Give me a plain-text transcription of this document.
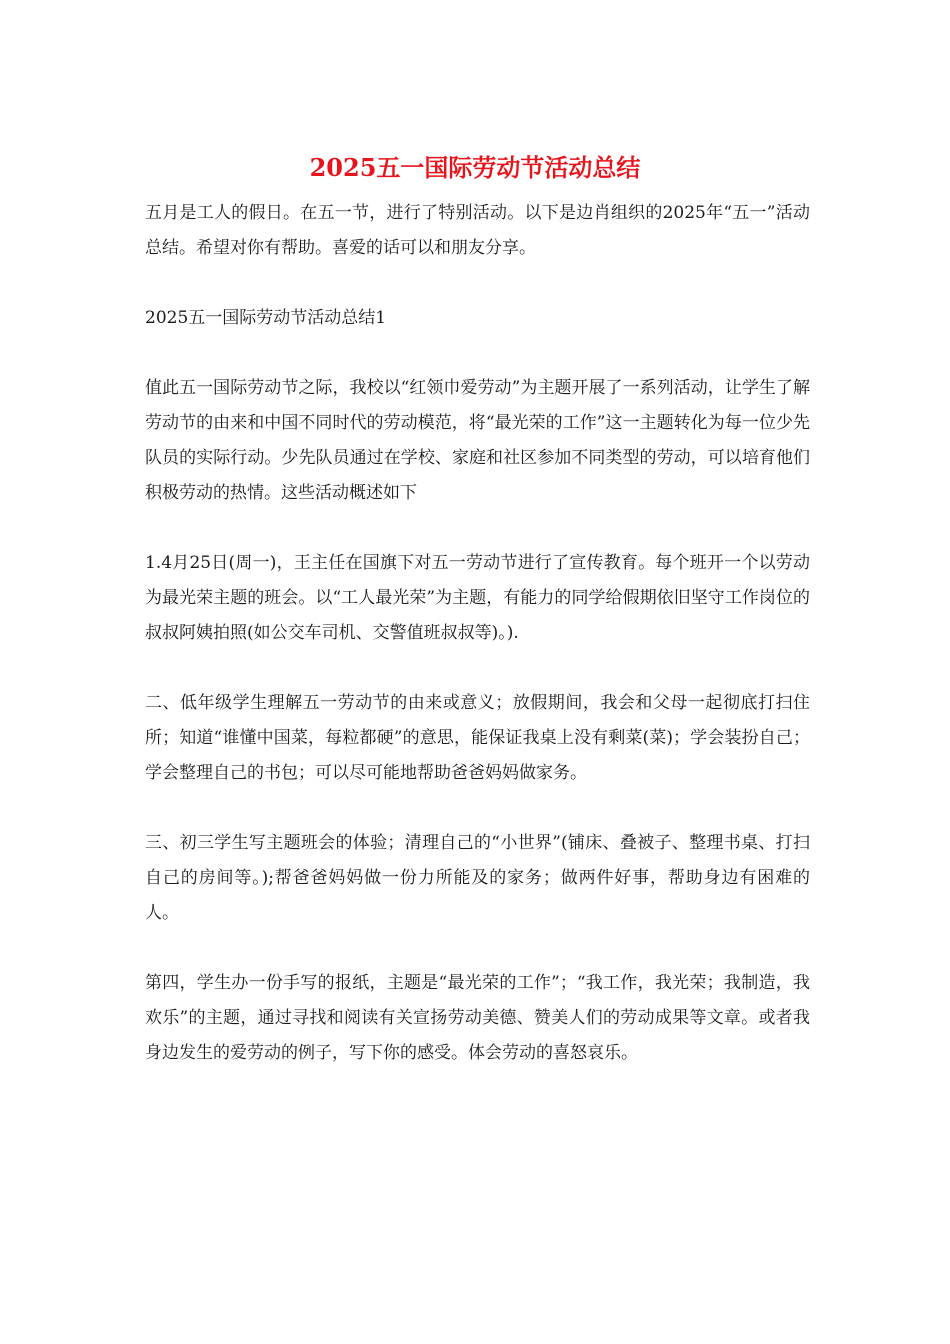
2025五一国际劳动节活动总结

五月是工人的假日。在五一节，进行了特别活动。以下是边肖组织的2025年“五一”活动总结。希望对你有帮助。喜爱的话可以和朋友分享。

2025五一国际劳动节活动总结1

值此五一国际劳动节之际，我校以“红领巾爱劳动”为主题开展了一系列活动，让学生了解劳动节的由来和中国不同时代的劳动模范，将“最光荣的工作”这一主题转化为每一位少先队员的实际行动。少先队员通过在学校、家庭和社区参加不同类型的劳动，可以培育他们积极劳动的热情。这些活动概述如下

1.4月25日(周一)，王主任在国旗下对五一劳动节进行了宣传教育。每个班开一个以劳动为最光荣主题的班会。以“工人最光荣”为主题，有能力的同学给假期依旧坚守工作岗位的叔叔阿姨拍照(如公交车司机、交警值班叔叔等)。).

二、低年级学生理解五一劳动节的由来或意义；放假期间，我会和父母一起彻底打扫住所；知道“谁懂中国菜，每粒都硬”的意思，能保证我桌上没有剩菜(菜)；学会装扮自己；学会整理自己的书包；可以尽可能地帮助爸爸妈妈做家务。

三、初三学生写主题班会的体验；清理自己的“小世界”(铺床、叠被子、整理书桌、打扫自己的房间等。);帮爸爸妈妈做一份力所能及的家务；做两件好事，帮助身边有困难的人。

第四，学生办一份手写的报纸，主题是“最光荣的工作”；“我工作，我光荣；我制造，我欢乐”的主题，通过寻找和阅读有关宣扬劳动美德、赞美人们的劳动成果等文章。或者我身边发生的爱劳动的例子，写下你的感受。体会劳动的喜怒哀乐。
